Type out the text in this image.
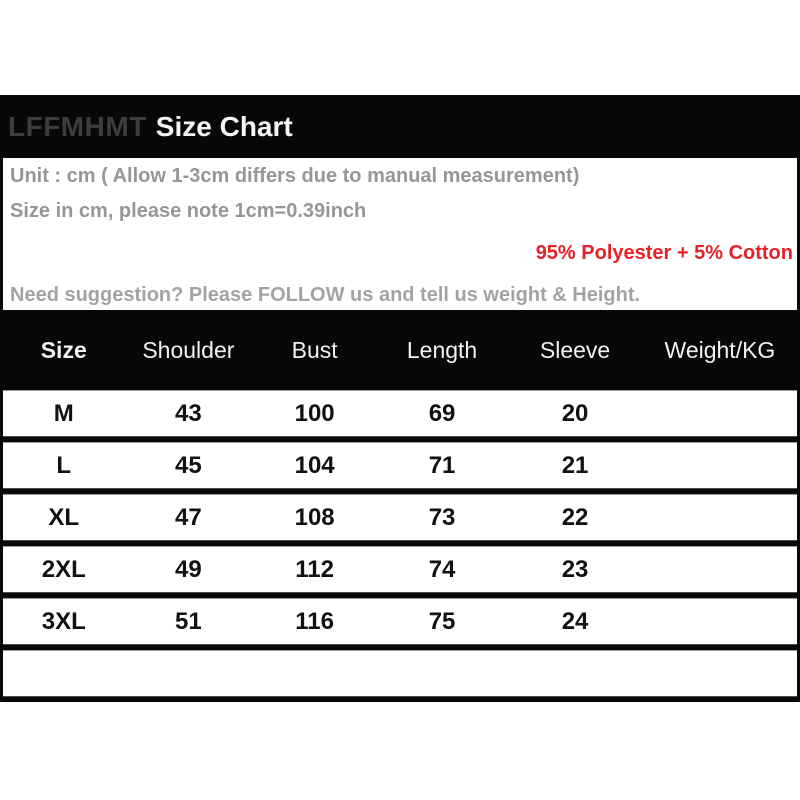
LFFMHMT Size Chart
Unit : cm ( Allow 1-3cm differs due to manual measurement)
Size in cm, please note 1cm=0.39inch
95% Polyester + 5% Cotton
Need suggestion? Please FOLLOW us and tell us weight & Height.
Size	Shoulder	Bust	Length	Sleeve	Weight/KG
M	43	100	69	20
L	45	104	71	21
XL	47	108	73	22
2XL	49	112	74	23
3XL	51	116	75	24
